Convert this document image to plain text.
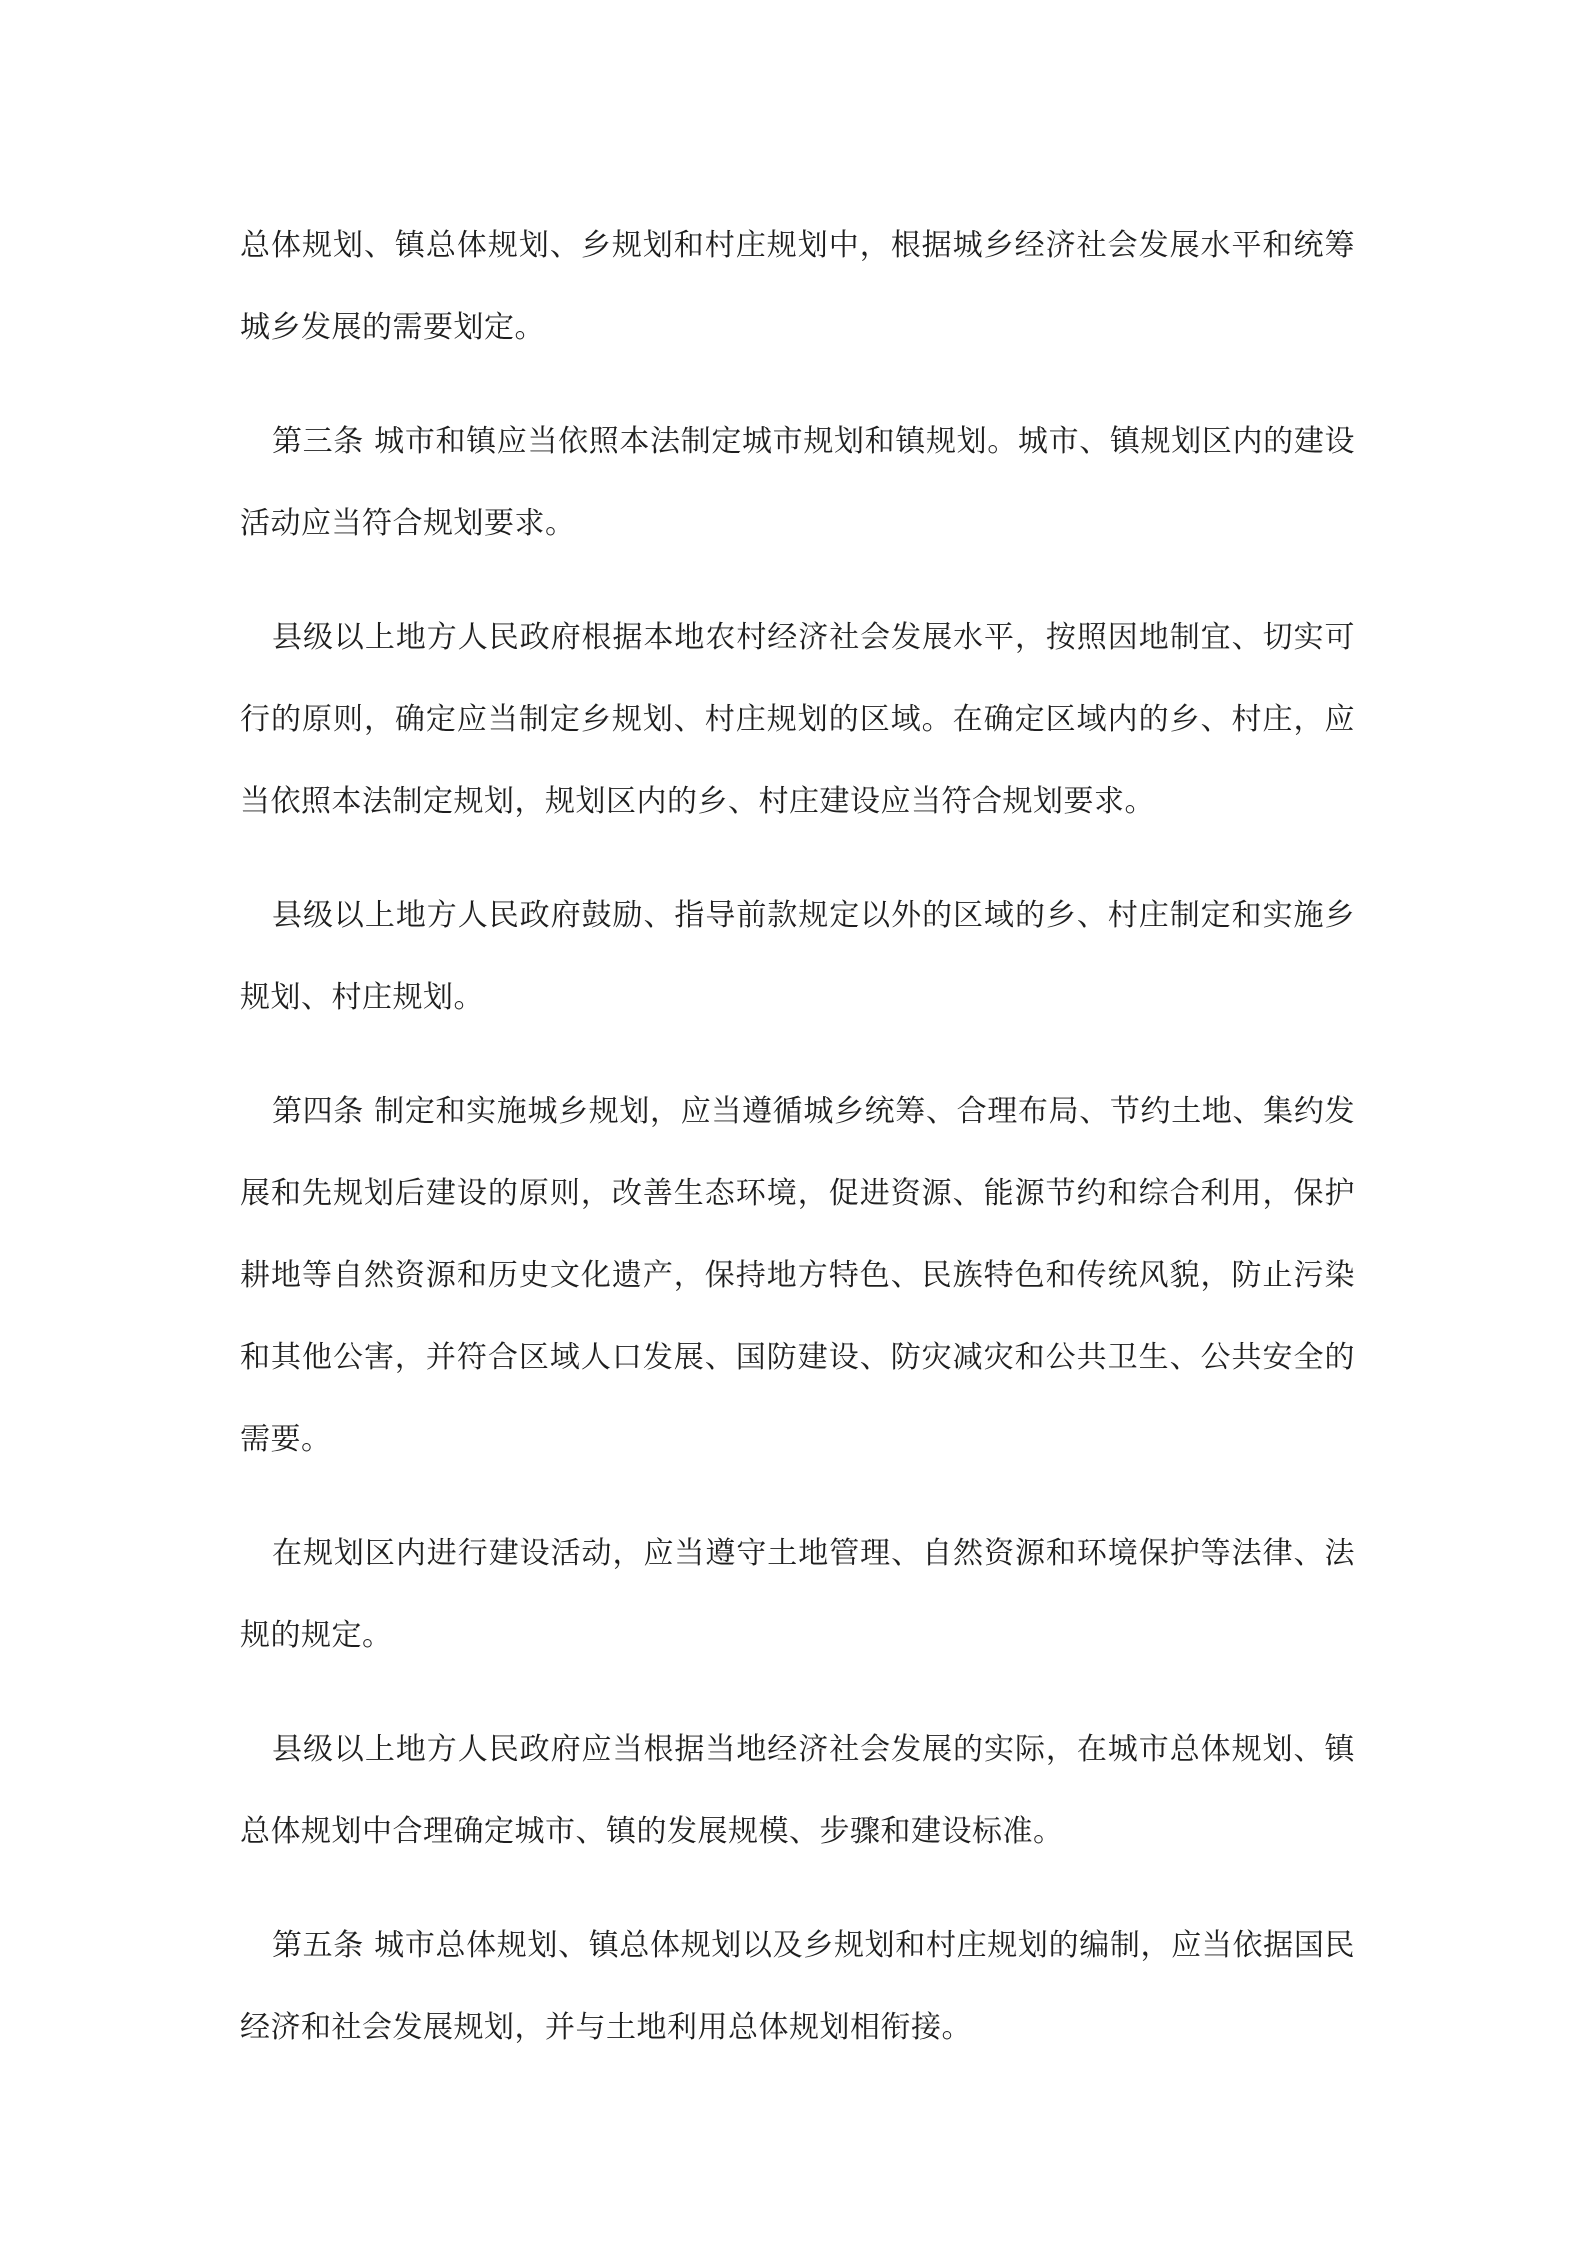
总体规划、镇总体规划、乡规划和村庄规划中，根据城乡经济社会发展水平和统筹城乡发展的需要划定。

第三条 城市和镇应当依照本法制定城市规划和镇规划。城市、镇规划区内的建设活动应当符合规划要求。

县级以上地方人民政府根据本地农村经济社会发展水平，按照因地制宜、切实可行的原则，确定应当制定乡规划、村庄规划的区域。在确定区域内的乡、村庄，应当依照本法制定规划，规划区内的乡、村庄建设应当符合规划要求。

县级以上地方人民政府鼓励、指导前款规定以外的区域的乡、村庄制定和实施乡规划、村庄规划。

第四条 制定和实施城乡规划，应当遵循城乡统筹、合理布局、节约土地、集约发展和先规划后建设的原则，改善生态环境，促进资源、能源节约和综合利用，保护耕地等自然资源和历史文化遗产，保持地方特色、民族特色和传统风貌，防止污染和其他公害，并符合区域人口发展、国防建设、防灾减灾和公共卫生、公共安全的需要。

在规划区内进行建设活动，应当遵守土地管理、自然资源和环境保护等法律、法规的规定。

县级以上地方人民政府应当根据当地经济社会发展的实际，在城市总体规划、镇总体规划中合理确定城市、镇的发展规模、步骤和建设标准。

第五条 城市总体规划、镇总体规划以及乡规划和村庄规划的编制，应当依据国民经济和社会发展规划，并与土地利用总体规划相衔接。
